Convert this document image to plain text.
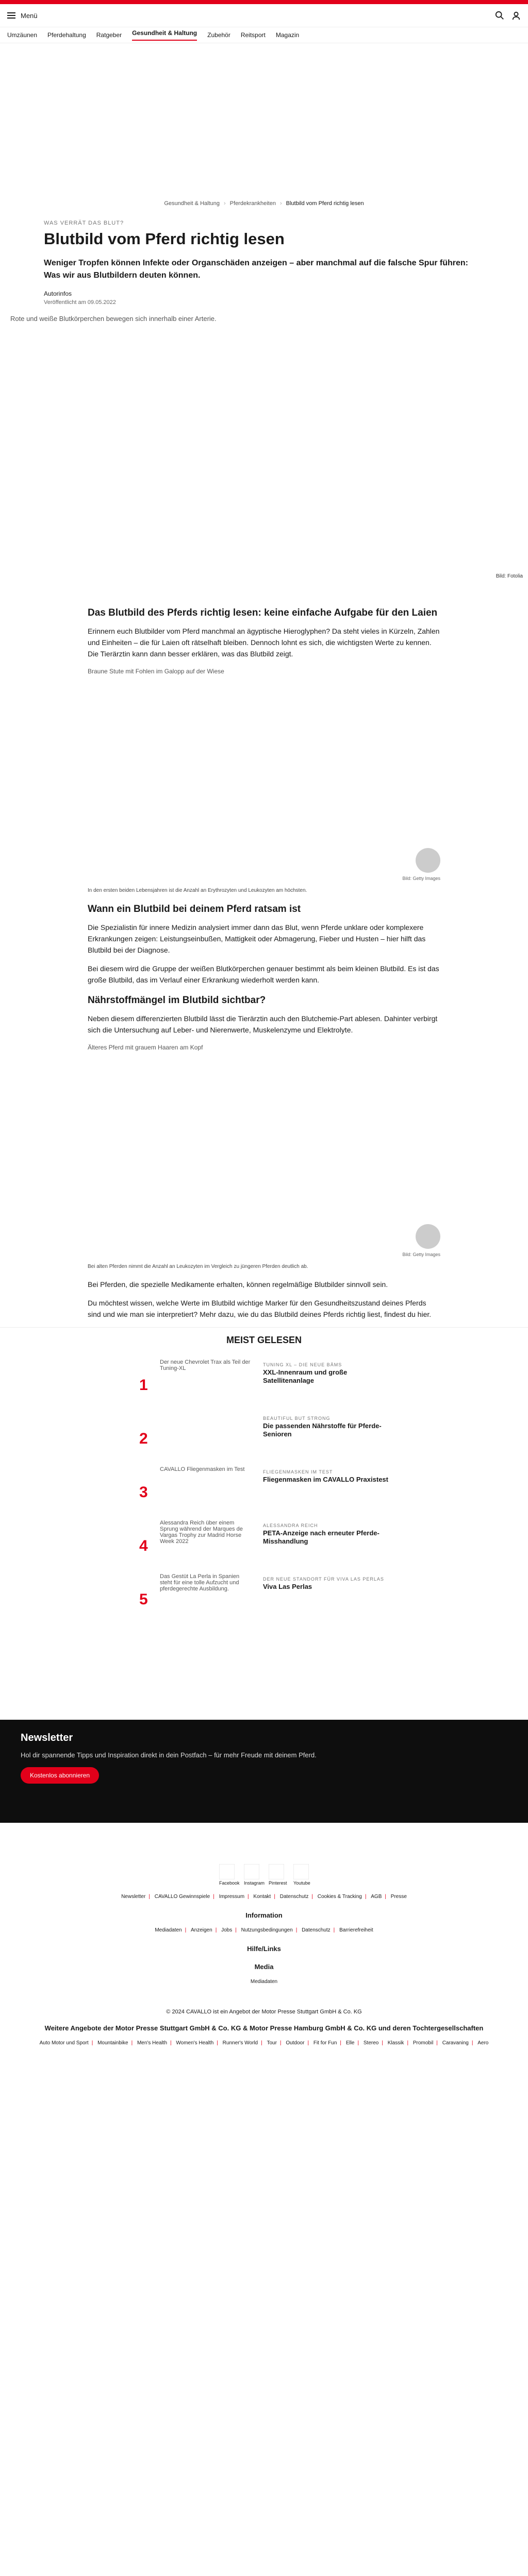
Menü
Umzäunen Pferdehaltung Ratgeber Gesundheit & Haltung Zubehör Reitsport Magazin
Gesundheit & Haltung › Pferdekrankheiten › Blutbild vom Pferd richtig lesen
WAS VERRÄT DAS BLUT?
Blutbild vom Pferd richtig lesen

Weniger Tropfen können Infekte oder Organschäden anzeigen – aber manchmal auf die falsche Spur führen: Was wir aus Blutbildern deuten können.

Autorinfos
Veröffentlicht am 09.05.2022
Rote und weiße Blutkörperchen bewegen sich innerhalb einer Arterie.
Bild: Fotolia
Das Blutbild des Pferds richtig lesen: keine einfache Aufgabe für den Laien

Erinnern euch Blutbilder vom Pferd manchmal an ägyptische Hieroglyphen? Da steht vieles in Kürzeln, Zahlen und Einheiten – die für Laien oft rätselhaft bleiben. Dennoch lohnt es sich, die wichtigsten Werte zu kennen. Die Tierärztin kann dann besser erklären, was das Blutbild zeigt.

Braune Stute mit Fohlen im Galopp auf der Wiese
Bild: Getty Images

In den ersten beiden Lebensjahren ist die Anzahl an Erythrozyten und Leukozyten am höchsten.

Wann ein Blutbild bei deinem Pferd ratsam ist

Die Spezialistin für innere Medizin analysiert immer dann das Blut, wenn Pferde unklare oder komplexere Erkrankungen zeigen: Leistungseinbußen, Mattigkeit oder Abmagerung, Fieber und Husten – hier hilft das Blutbild bei der Diagnose.

Bei diesem wird die Gruppe der weißen Blutkörperchen genauer bestimmt als beim kleinen Blutbild. Es ist das große Blutbild, das im Verlauf einer Erkrankung wiederholt werden kann.

Nährstoffmängel im Blutbild sichtbar?

Neben diesem differenzierten Blutbild lässt die Tierärztin auch den Blutchemie-Part ablesen. Dahinter verbirgt sich die Untersuchung auf Leber- und Nierenwerte, Muskelenzyme und Elektrolyte.

Älteres Pferd mit grauem Haaren am Kopf
Bild: Getty Images

Bei alten Pferden nimmt die Anzahl an Leukozyten im Vergleich zu jüngeren Pferden deutlich ab.

Bei Pferden, die spezielle Medikamente erhalten, können regelmäßige Blutbilder sinnvoll sein.

Du möchtest wissen, welche Werte im Blutbild wichtige Marker für den Gesundheitszustand deines Pferds sind und wie man sie interpretiert? Mehr dazu, wie du das Blutbild deines Pferds richtig liest, findest du hier.

MEIST GELESEN
1
Der neue Chevrolet Trax als Teil der Tuning-XL
TUNING XL – DIE NEUE BÄMS
XXL-Innenraum und große Satellitenanlage
2
BEAUTIFUL BUT STRONG
Die passenden Nährstoffe für Pferde-Senioren
3
CAVALLO Fliegenmasken im Test	FLIEGENMASKEN IM TEST
Fliegenmasken im CAVALLO Praxistest
4
Alessandra Reich über einem Sprung während der Marques de Vargas Trophy zur Madrid Horse Week 2022
ALESSANDRA REICH
PETA-Anzeige nach erneuter Pferde-Misshandlung
5
Das Gestüt La Perla in Spanien steht für eine tolle Aufzucht und pferdegerechte Ausbildung.
DER NEUE STANDORT FÜR VIVA LAS PERLAS
Viva Las Perlas
Newsletter

Hol dir spannende Tipps und Inspiration direkt in dein Postfach – für mehr Freude mit deinem Pferd.

Kostenlos abonnieren
Facebook Instagram Pinterest Youtube
Newsletter | CAVALLO Gewinnspiele | Impressum | Kontakt | Datenschutz | Cookies & Tracking | AGB | Presse
Information
Mediadaten | Anzeigen | Jobs | Nutzungsbedingungen | Datenschutz | Barrierefreiheit
Hilfe/Links
Media
Mediadaten
© 2024 CAVALLO ist ein Angebot der Motor Presse Stuttgart GmbH & Co. KG
Weitere Angebote der Motor Presse Stuttgart GmbH & Co. KG & Motor Presse Hamburg GmbH & Co. KG und deren Tochtergesellschaften
Auto Motor und Sport | Mountainbike | Men's Health | Women's Health | Runner's World | Tour | Outdoor | Fit for Fun | Elle | Stereo | Klassik | Promobil | Caravaning | Aero
